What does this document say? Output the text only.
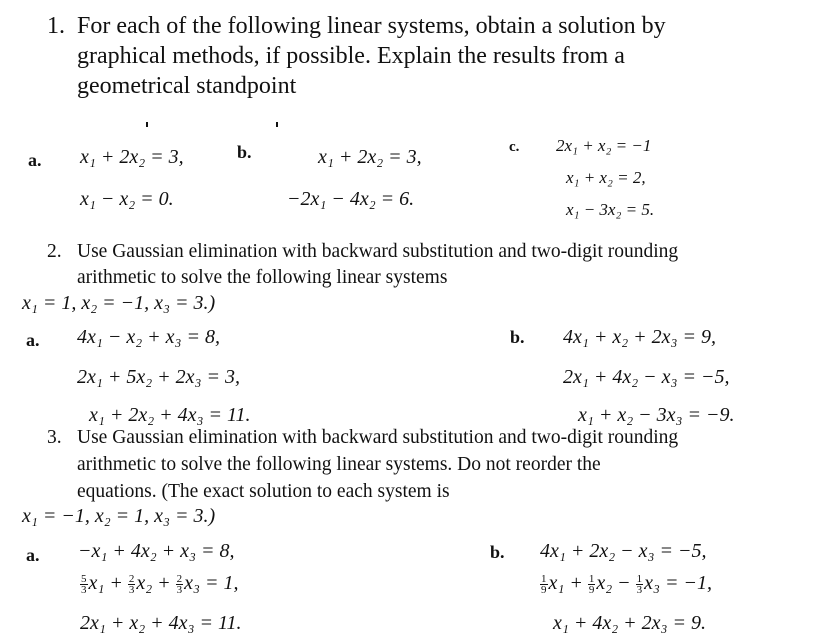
1. For each of the following linear systems, obtain a solution by
graphical methods, if possible. Explain the results from a
geometrical standpoint
a. x₁ + 2x₂ = 3,
x₁ − x₂ = 0.
b.	x₁ + 2x₂ = 3,
−2x₁ − 4x₂ = 6.
c. 2x₁ + x₂ = −1
x₁ + x₂ = 2,
x₁ − 3x₂ = 5.
2. Use Gaussian elimination with backward substitution and two-digit rounding
arithmetic to solve the following linear systems
x₁ = 1, x₂ = −1, x₃ = 3.)
a. 4x₁ − x₂ + x₃ = 8,
2x₁ + 5x₂ + 2x₃ = 3,
x₁ + 2x₂ + 4x₃ = 11.
b. 4x₁ + x₂ + 2x₃ = 9,
2x₁ + 4x₂ − x₃ = −5,
x₁ + x₂ − 3x₃ = −9.
3. Use Gaussian elimination with backward substitution and two-digit rounding
arithmetic to solve the following linear systems. Do not reorder the
equations. (The exact solution to each system is
x₁ = −1, x₂ = 1, x₃ = 3.)
a. −x₁ + 4x₂ + x₃ = 8,
$\frac{5}{3} x_1 + \frac{2}{3} x_2 + \frac{2}{3} x_3 = 1$,
2x₁ + x₂ + 4x₃ = 11.
b. 4x₁ + 2x₂ − x₃ = −5,
$\frac{1}{9} x_1 + \frac{1}{9} x_2 - \frac{1}{3} x_3 = -1$,
x₁ + 4x₂ + 2x₃ = 9.
